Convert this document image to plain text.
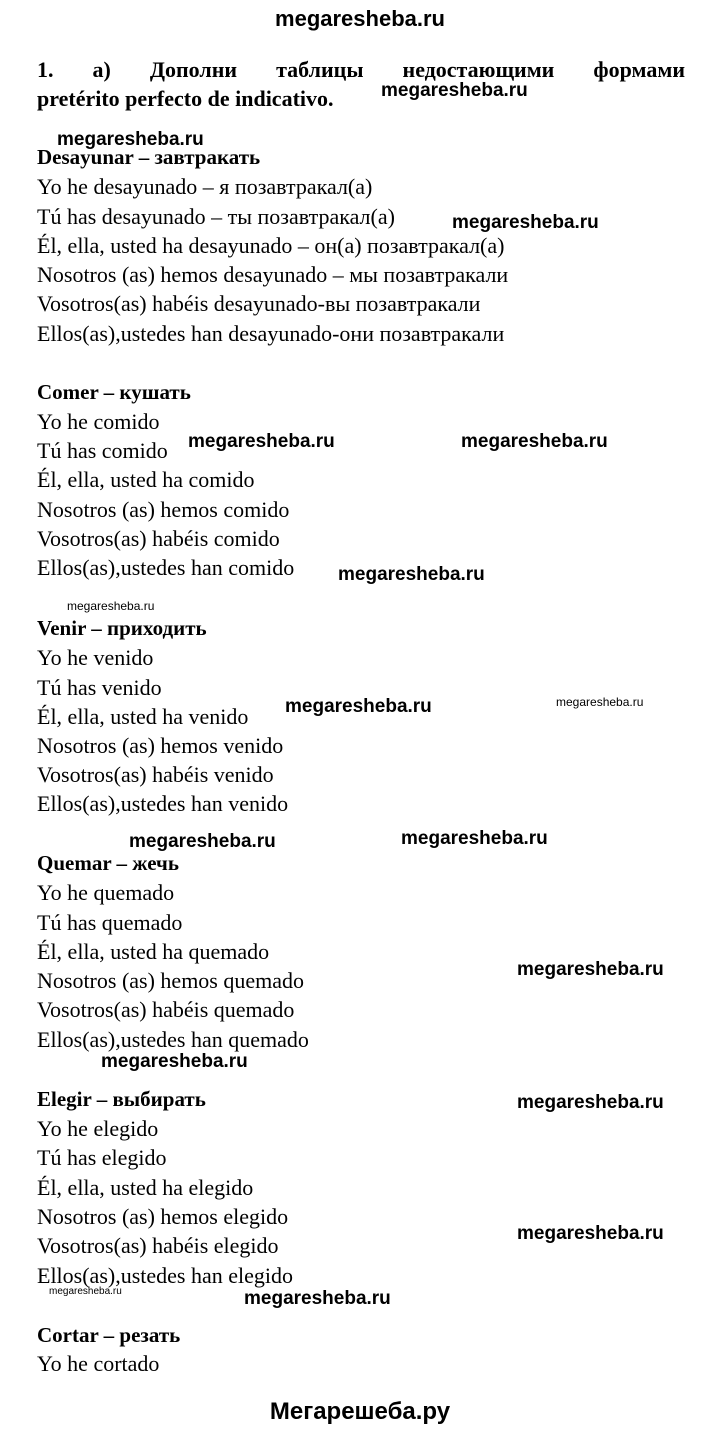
megaresheba.ru
1. а) Дополни таблицы недостающими формами
pretérito perfecto de indicativo.
Desayunar – завтракать
Yo he desayunado – я позавтракал(а)
Tú has desayunado – ты позавтракал(а)
Él, ella, usted ha desayunado – он(а) позавтракал(а)
Nosotros (as) hemos desayunado – мы позавтракали
Vosotros(as) habéis desayunado-вы позавтракали
Ellos(as),ustedes han desayunado-они позавтракали
Comer – кушать
Yo he comido
Tú has comido
Él, ella, usted ha comido
Nosotros (as) hemos comido
Vosotros(as) habéis comido
Ellos(as),ustedes han comido
Venir – приходить
Yo he venido
Tú has venido
Él, ella, usted ha venido
Nosotros (as) hemos venido
Vosotros(as) habéis venido
Ellos(as),ustedes han venido
Quemar – жечь
Yo he quemado
Tú has quemado
Él, ella, usted ha quemado
Nosotros (as) hemos quemado
Vosotros(as) habéis quemado
Ellos(as),ustedes han quemado
Elegir – выбирать
Yo he elegido
Tú has elegido
Él, ella, usted ha elegido
Nosotros (as) hemos elegido
Vosotros(as) habéis elegido
Ellos(as),ustedes han elegido
Cortar – резать
Yo he cortado
megaresheba.ru
megaresheba.ru
megaresheba.ru
megaresheba.ru	megaresheba.ru
megaresheba.ru
megaresheba.ru
megaresheba.ru	megaresheba.ru
megaresheba.ru	megaresheba.ru
megaresheba.ru
megaresheba.ru
megaresheba.ru
megaresheba.ru
megaresheba.ru	megaresheba.ru
Мегарешеба.ру
